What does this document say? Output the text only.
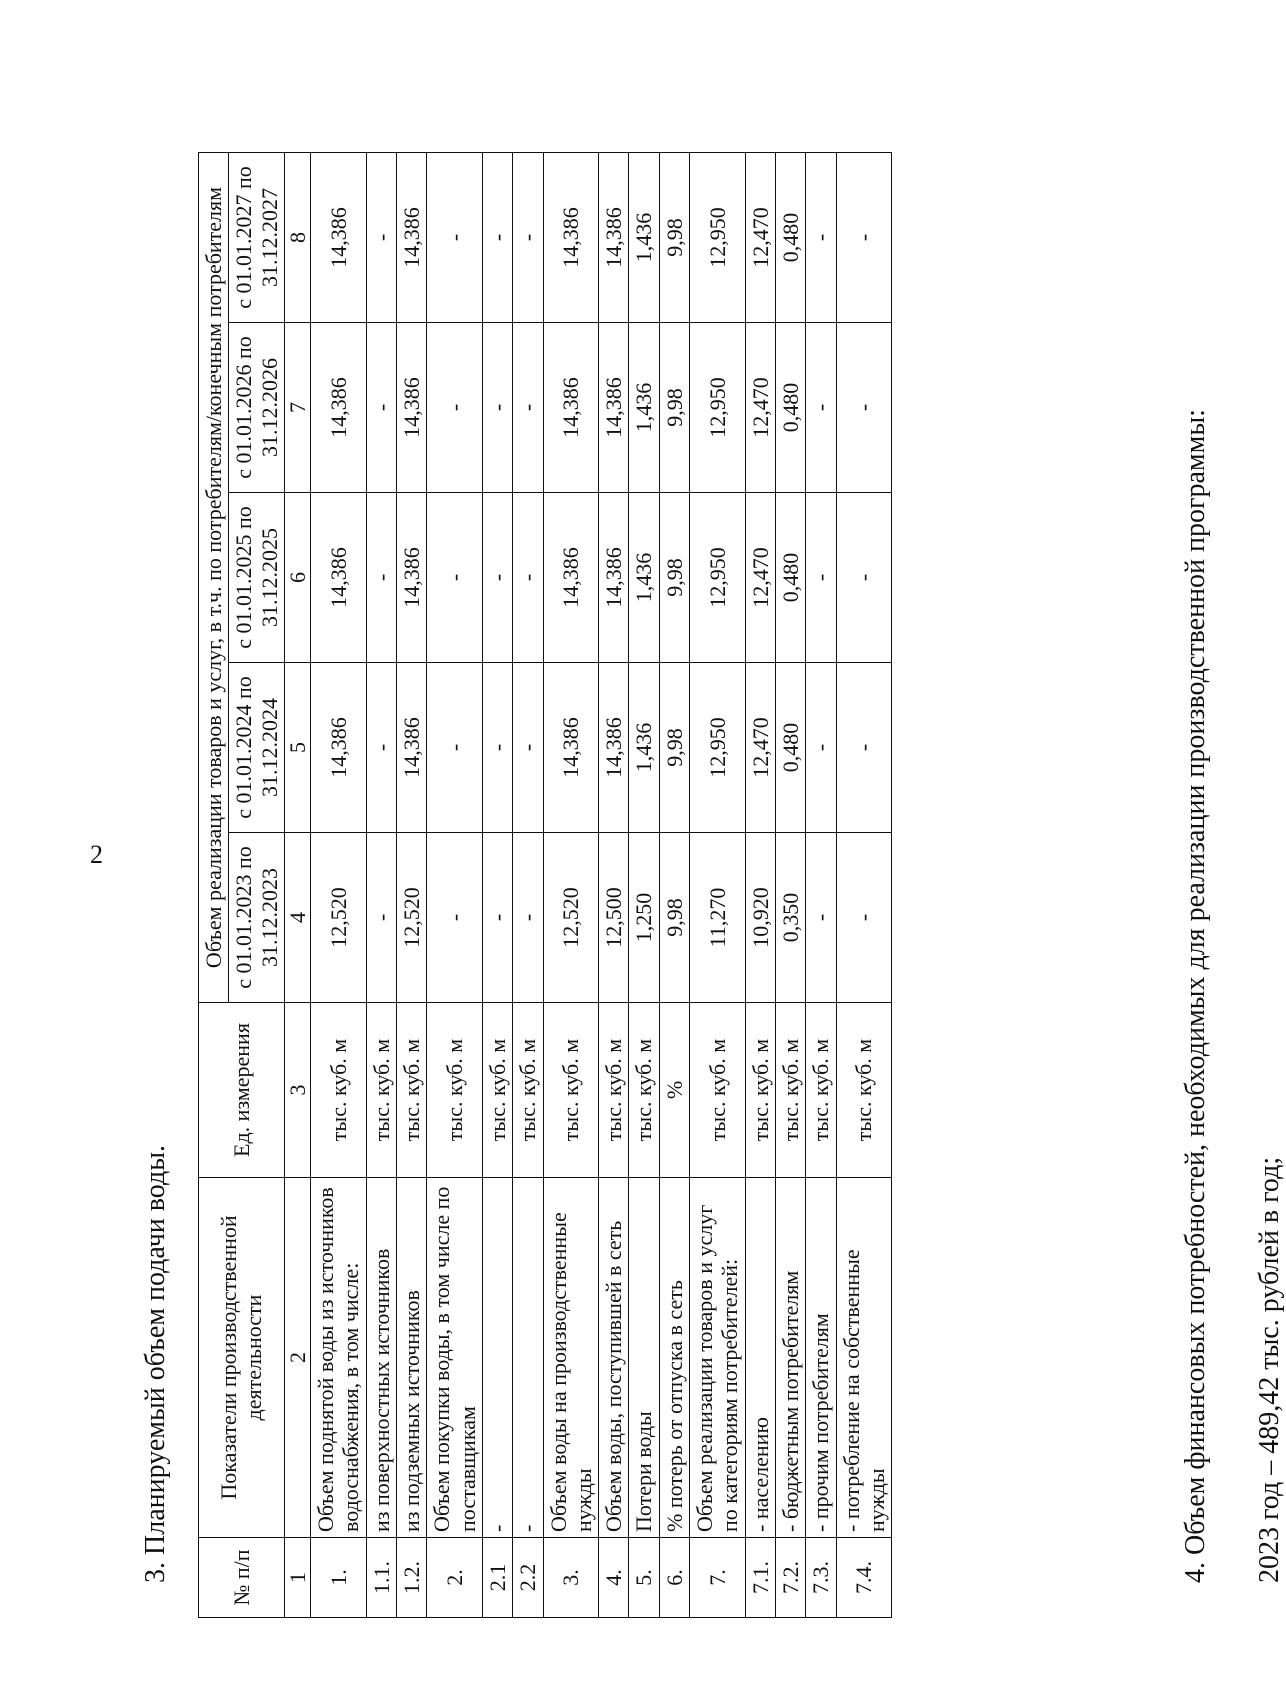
2
3. Планируемый объем подачи воды.	№ п/п	Показатели производственной деятельности	Ед. измерения	Объем реализации товаров и услуг, в т.ч. по потребителям/конечным потребителям				
			с 01.01.2023 по 31.12.2023	с 01.01.2024 по 31.12.2024	с 01.01.2025 по 31.12.2025	с 01.01.2026 по 31.12.2026	с 01.01.2027 по 31.12.2027
1	2	3	4	5	6	7	8
1.	Объем поднятой воды из источников водоснабжения, в том числе:	тыс. куб. м	12,520	14,386	14,386	14,386	14,386
1.1.	из поверхностных источников	тыс. куб. м	-	-	-	-	-
1.2.	из подземных источников	тыс. куб. м	12,520	14,386	14,386	14,386	14,386
2.	Объем покупки воды, в том числе по поставщикам	тыс. куб. м	-	-	-	-	-
2.1	-	тыс. куб. м	-	-	-	-	-
2.2	-	тыс. куб. м	-	-	-	-	-
3.	Объем воды на производственные нужды	тыс. куб. м	12,520	14,386	14,386	14,386	14,386
4.	Объем воды, поступившей в сеть	тыс. куб. м	12,500	14,386	14,386	14,386	14,386
5.	Потери воды	тыс. куб. м	1,250	1,436	1,436	1,436	1,436
6.	% потерь от отпуска в сеть	%	9,98	9,98	9,98	9,98	9,98
7.	Объем реализации товаров и услуг по категориям потребителей:	тыс. куб. м	11,270	12,950	12,950	12,950	12,950
7.1.	- населению	тыс. куб. м	10,920	12,470	12,470	12,470	12,470
7.2.	- бюджетным потребителям	тыс. куб. м	0,350	0,480	0,480	0,480	0,480
7.3.	- прочим потребителям	тыс. куб. м	-	-	-	-	-
7.4.	- потребление на собственные нужды	тыс. куб. м	-	-	-	-	-
4. Объем финансовых потребностей, необходимых для реализации производственной программы: 2023 год – 489,42 тыс. рублей в год;
